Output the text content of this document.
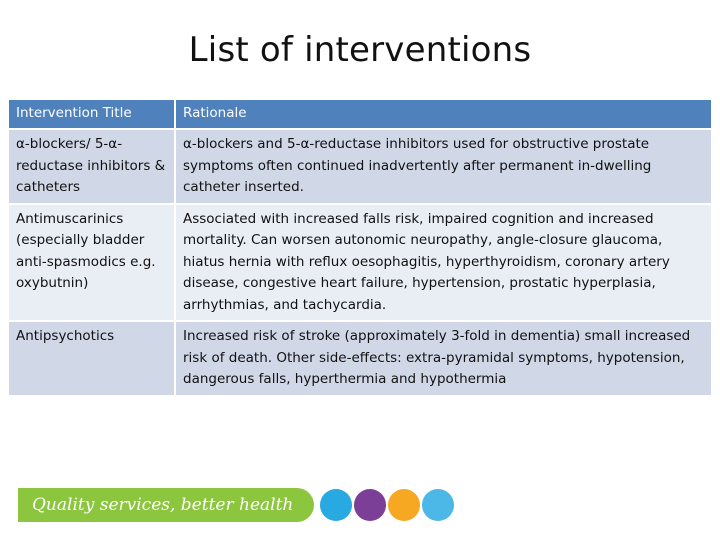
List of interventions
Intervention Title	Rationale
α-blockers/ 5-α-reductase inhibitors & catheters	α-blockers and 5-α-reductase inhibitors used for obstructive prostate symptoms often continued inadvertently after permanent in-dwelling catheter inserted.
Antimuscarinics (especially bladder anti-spasmodics e.g. oxybutnin)	Associated with increased falls risk, impaired cognition and increased mortality. Can worsen autonomic neuropathy, angle-closure glaucoma, hiatus hernia with reflux oesophagitis, hyperthyroidism, coronary artery disease, congestive heart failure, hypertension, prostatic hyperplasia, arrhythmias, and tachycardia.
Antipsychotics	Increased risk of stroke (approximately 3-fold in dementia) small increased risk of death. Other side-effects: extra-pyramidal symptoms, hypotension, dangerous falls, hyperthermia and hypothermia
Quality services, better health
